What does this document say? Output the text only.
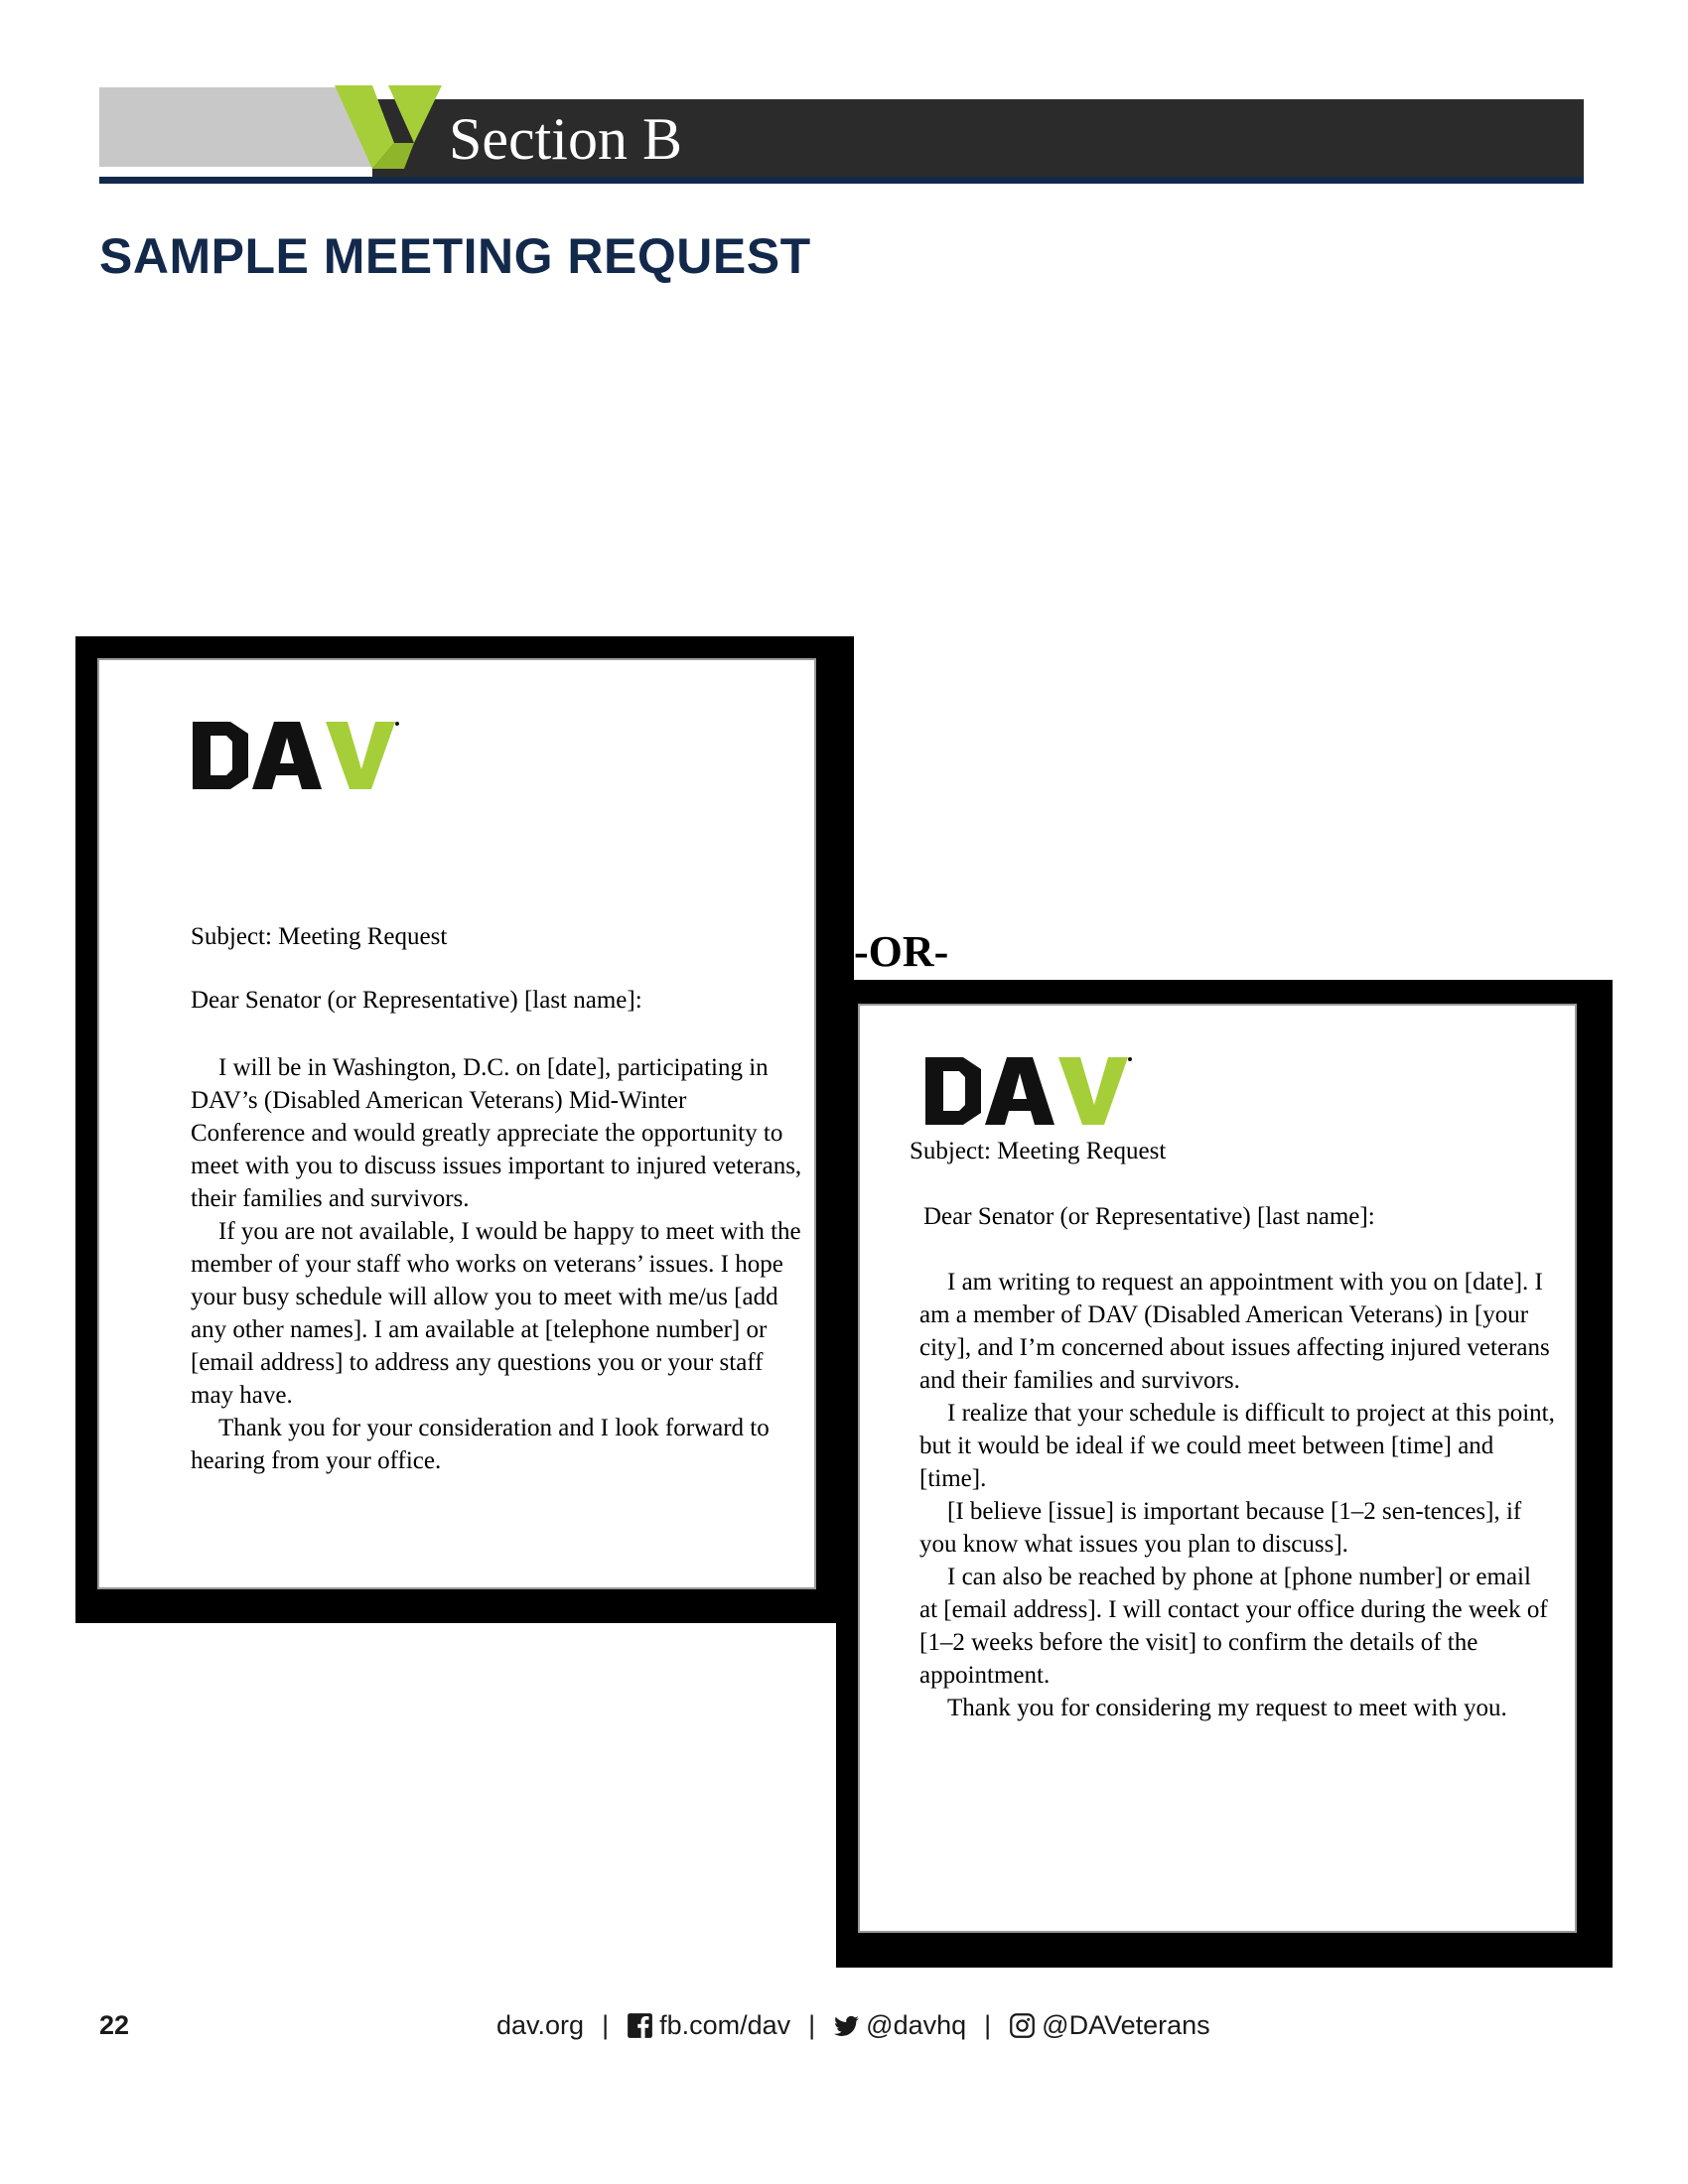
Section B
SAMPLE MEETING REQUEST
Subject: Meeting Request
Dear Senator (or Representative) [last name]:

I will be in Washington, D.C. on [date], participating in DAV’s (Disabled American Veterans) Mid-Winter Conference and would greatly appreciate the opportunity to meet with you to discuss issues important to injured veterans, their families and survivors.

If you are not available, I would be happy to meet with the member of your staff who works on veterans’ issues. I hope your busy schedule will allow you to meet with me/us [add any other names]. I am available at [telephone number] or [email address] to address any questions you or your staff may have.

Thank you for your consideration and I look forward to hearing from your office.

-OR-
Subject: Meeting Request
Dear Senator (or Representative) [last name]:

I am writing to request an appointment with you on [date]. I am a member of DAV (Disabled American Veterans) in [your city], and I’m concerned about issues affecting injured veterans and their families and survivors.

I realize that your schedule is difficult to project at this point, but it would be ideal if we could meet between [time] and [time].

[I believe [issue] is important because [1–2 sen-tences], if you know what issues you plan to discuss].

I can also be reached by phone at [phone number] or email at [email address]. I will contact your office during the week of [1–2 weeks before the visit] to confirm the details of the appointment.

Thank you for considering my request to meet with you.

22	dav.org | fb.com/dav | @davhq | @DAVeterans
